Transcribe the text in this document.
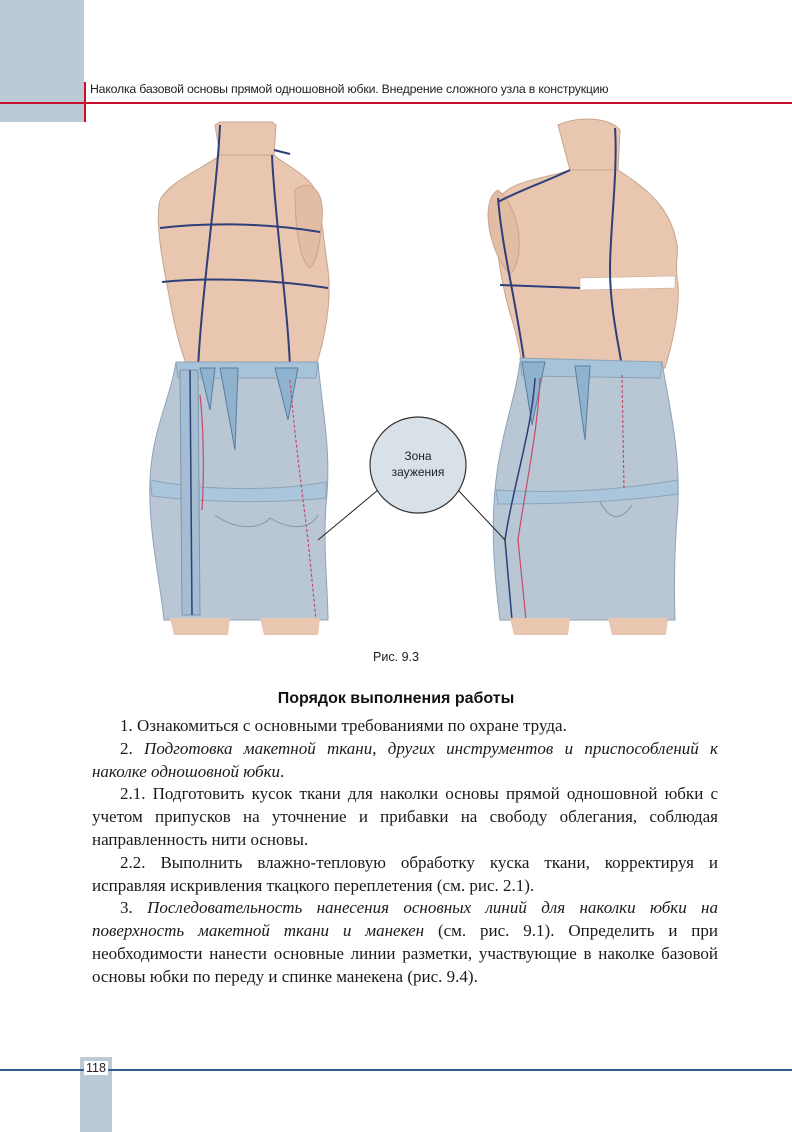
Наколка базовой основы прямой одношовной юбки. Внедрение сложного узла в конструкцию
Зона
заужения
Рис. 9.3
Порядок выполнения работы

1. Ознакомиться с основными требованиями по охране труда.

2. Подготовка макетной ткани, других инструментов и приспособлений к наколке одношовной юбки.

2.1. Подготовить кусок ткани для наколки основы прямой одношовной юбки с учетом припусков на уточнение и прибавки на свободу облегания, соблюдая направленность нити основы.

2.2. Выполнить влажно-тепловую обработку куска ткани, корректируя и исправляя искривления ткацкого переплетения (см. рис. 2.1).

3. Последовательность нанесения основных линий для наколки юбки на поверхность макетной ткани и манекен (см. рис. 9.1). Определить и при необходимости нанести основные линии разметки, участвующие в наколке базовой основы юбки по переду и спинке манекена (рис. 9.4).

118
